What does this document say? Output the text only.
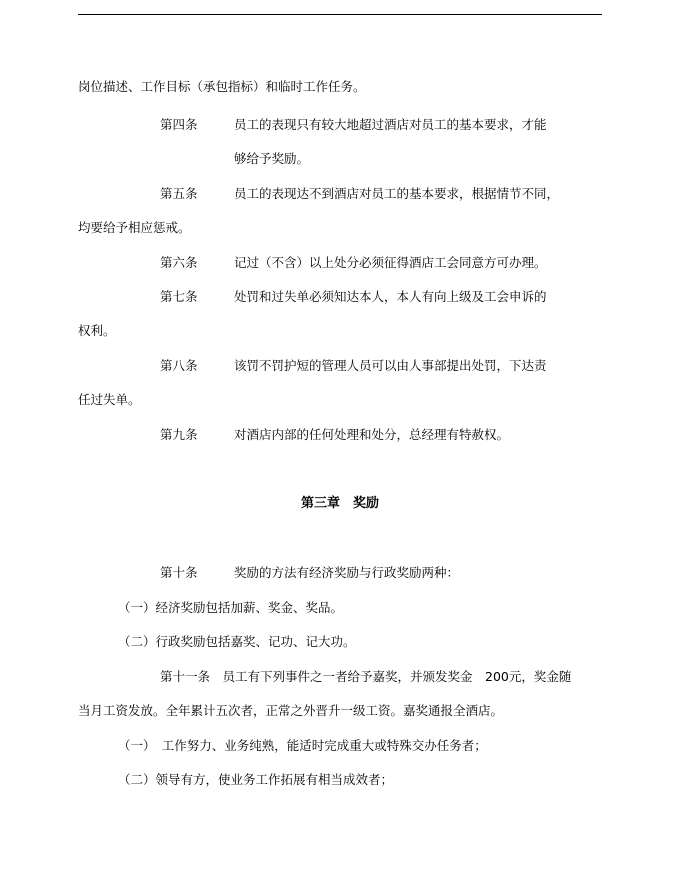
岗位描述、工作目标（承包指标）和临时工作任务。
第四条	员工的表现只有较大地超过酒店对员工的基本要求，才能
够给予奖励。
第五条	员工的表现达不到酒店对员工的基本要求，根据情节不同，
均要给予相应惩戒。
第六条	记过（不含）以上处分必须征得酒店工会同意方可办理。
第七条	处罚和过失单必须知达本人，本人有向上级及工会申诉的
权利。
第八条	该罚不罚护短的管理人员可以由人事部提出处罚，下达责
任过失单。
第九条	对酒店内部的任何处理和处分，总经理有特赦权。
第三章　奖励
第十条	奖励的方法有经济奖励与行政奖励两种：
（一）经济奖励包括加薪、奖金、奖品。
（二）行政奖励包括嘉奖、记功、记大功。
第十一条　员工有下列事件之一者给予嘉奖，并颁发奖金　200元，奖金随
当月工资发放。全年累计五次者，正常之外晋升一级工资。嘉奖通报全酒店。
（一）　工作努力、业务纯熟，能适时完成重大或特殊交办任务者；
（二）领导有方，使业务工作拓展有相当成效者；
